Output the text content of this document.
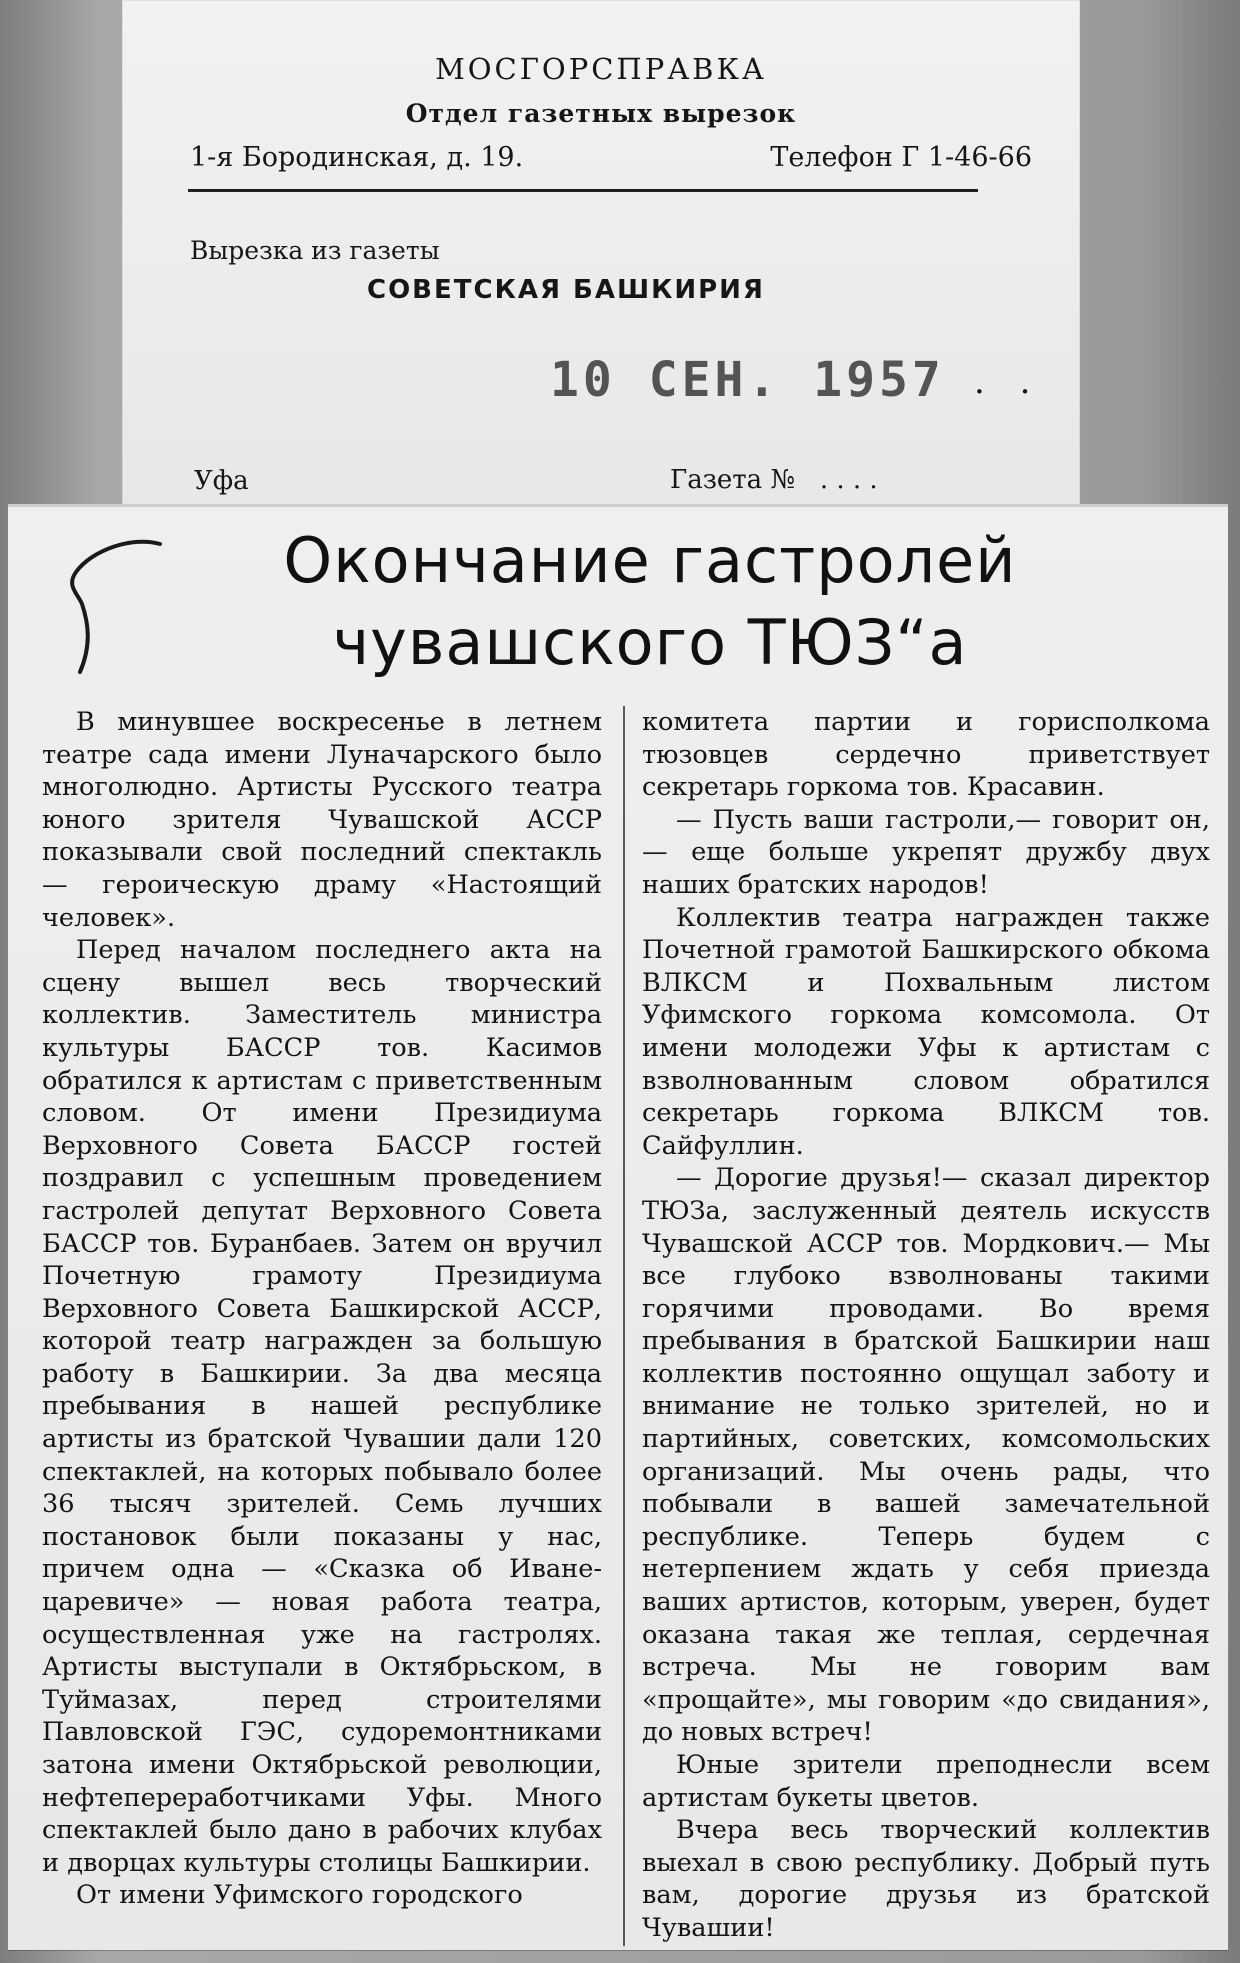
МОСГОРСПРАВКА
Отдел газетных вырезок
1-я Бородинская, д. 19.	Телефон Г 1-46-66
Вырезка из газеты
СОВЕТСКАЯ БАШКИРИЯ
10 СЕН. 1957 . .
Уфа	Газета №   . . . .
Окончание гастролей
чувашского ТЮЗ“а

В минувшее воскресенье в летнем театре сада имени Луначарского было многолюдно. Артисты Русского театра юного зрителя Чувашской АССР показывали свой последний спектакль — героическую драму «Настоящий человек».

Перед началом последнего акта на сцену вышел весь творческий коллектив. Заместитель министра культуры БАССР тов. Касимов обратился к артистам с приветственным словом. От имени Президиума Верховного Совета БАССР гостей поздравил с успешным проведением гастролей депутат Верховного Совета БАССР тов. Буранбаев. Затем он вручил Почетную грамоту Президиума Верховного Совета Башкирской АССР, которой театр награжден за большую работу в Башкирии. За два месяца пребывания в нашей республике артисты из братской Чувашии дали 120 спектаклей, на которых побывало более 36 тысяч зрителей. Семь лучших постановок были показаны у нас, причем одна — «Сказка об Иване-царевиче» — новая работа театра, осуществленная уже на гастролях. Артисты выступали в Октябрьском, в Туймазах, перед строителями Павловской ГЭС, судоремонтниками затона имени Октябрьской революции, нефтепереработчиками Уфы. Много спектаклей было дано в рабочих клубах и дворцах культуры столицы Башкирии.

От имени Уфимского городского

комитета партии и горисполкома тюзовцев сердечно приветствует секретарь горкома тов. Красавин.

— Пусть ваши гастроли,— говорит он,— еще больше укрепят дружбу двух наших братских народов!

Коллектив театра награжден также Почетной грамотой Башкирского обкома ВЛКСМ и Похвальным листом Уфимского горкома комсомола. От имени молодежи Уфы к артистам с взволнованным словом обратился секретарь горкома ВЛКСМ тов. Сайфуллин.

— Дорогие друзья!— сказал директор ТЮЗа, заслуженный деятель искусств Чувашской АССР тов. Мордкович.— Мы все глубоко взволнованы такими горячими проводами. Во время пребывания в братской Башкирии наш коллектив постоянно ощущал заботу и внимание не только зрителей, но и партийных, советских, комсомольских организаций. Мы очень рады, что побывали в вашей замечательной республике. Теперь будем с нетерпением ждать у себя приезда ваших артистов, которым, уверен, будет оказана такая же теплая, сердечная встреча. Мы не говорим вам «прощайте», мы говорим «до свидания», до новых встреч!

Юные зрители преподнесли всем артистам букеты цветов.

Вчера весь творческий коллектив выехал в свою республику. Добрый путь вам, дорогие друзья из братской Чувашии!
